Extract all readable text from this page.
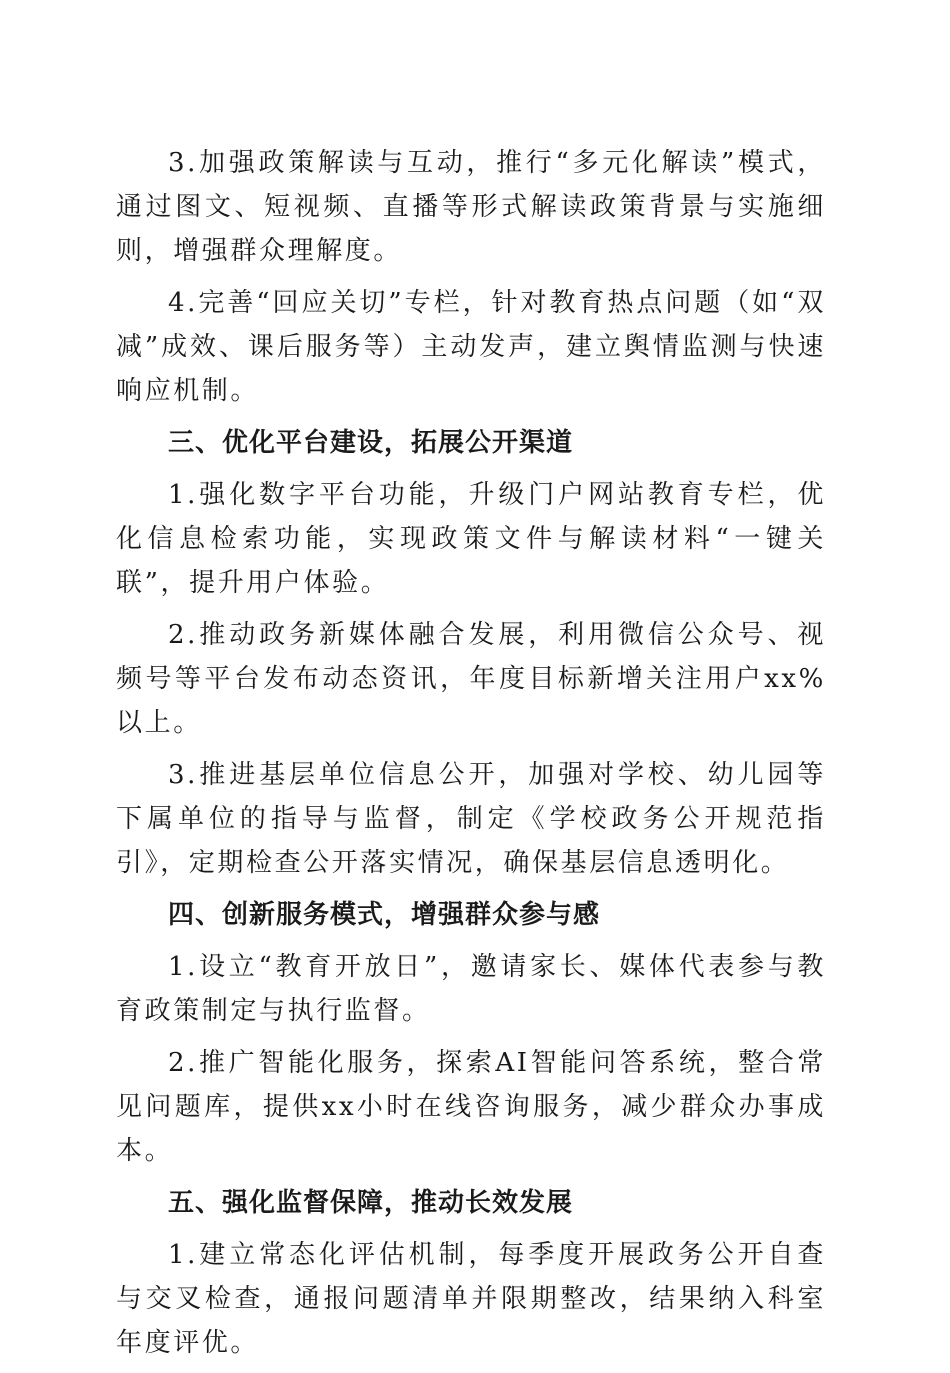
3.加强政策解读与互动，推行“多元化解读”模式，通过图文、短视频、直播等形式解读政策背景与实施细则，增强群众理解度。

4.完善“回应关切”专栏，针对教育热点问题（如“双减”成效、课后服务等）主动发声，建立舆情监测与快速响应机制。

三、优化平台建设，拓展公开渠道

1.强化数字平台功能，升级门户网站教育专栏，优化信息检索功能，实现政策文件与解读材料“一键关联”，提升用户体验。

2.推动政务新媒体融合发展，利用微信公众号、视频号等平台发布动态资讯，年度目标新增关注用户xx%以上。

3.推进基层单位信息公开，加强对学校、幼儿园等下属单位的指导与监督，制定《学校政务公开规范指引》，定期检查公开落实情况，确保基层信息透明化。

四、创新服务模式，增强群众参与感

1.设立“教育开放日”，邀请家长、媒体代表参与教育政策制定与执行监督。

2.推广智能化服务，探索AI智能问答系统，整合常见问题库，提供xx小时在线咨询服务，减少群众办事成本。

五、强化监督保障，推动长效发展

1.建立常态化评估机制，每季度开展政务公开自查与交叉检查，通报问题清单并限期整改，结果纳入科室年度评优。
